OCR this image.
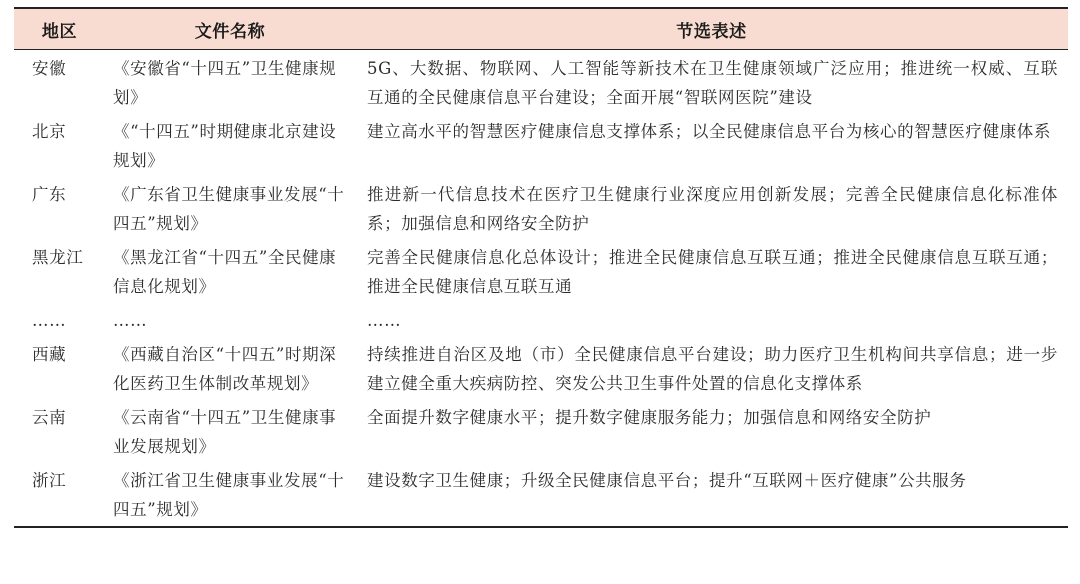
地区	文件名称	节选表述
安徽	《安徽省“十四五”卫生健康规划》	5G、大数据、物联网、人工智能等新技术在卫生健康领域广泛应用；推进统一权威、互联互通的全民健康信息平台建设；全面开展“智联网医院”建设
北京	《“十四五”时期健康北京建设规划》	建立高水平的智慧医疗健康信息支撑体系；以全民健康信息平台为核心的智慧医疗健康体系
广东	《广东省卫生健康事业发展“十四五”规划》	推进新一代信息技术在医疗卫生健康行业深度应用创新发展；完善全民健康信息化标准体系；加强信息和网络安全防护
黑龙江	《黑龙江省“十四五”全民健康信息化规划》	完善全民健康信息化总体设计；推进全民健康信息互联互通；推进全民健康信息互联互通；推进全民健康信息互联互通
……	……	……
西藏	《西藏自治区“十四五”时期深化医药卫生体制改革规划》	持续推进自治区及地（市）全民健康信息平台建设；助力医疗卫生机构间共享信息；进一步建立健全重大疾病防控、突发公共卫生事件处置的信息化支撑体系
云南	《云南省“十四五”卫生健康事业发展规划》	全面提升数字健康水平；提升数字健康服务能力；加强信息和网络安全防护
浙江	《浙江省卫生健康事业发展“十四五”规划》	建设数字卫生健康；升级全民健康信息平台；提升“互联网＋医疗健康”公共服务
